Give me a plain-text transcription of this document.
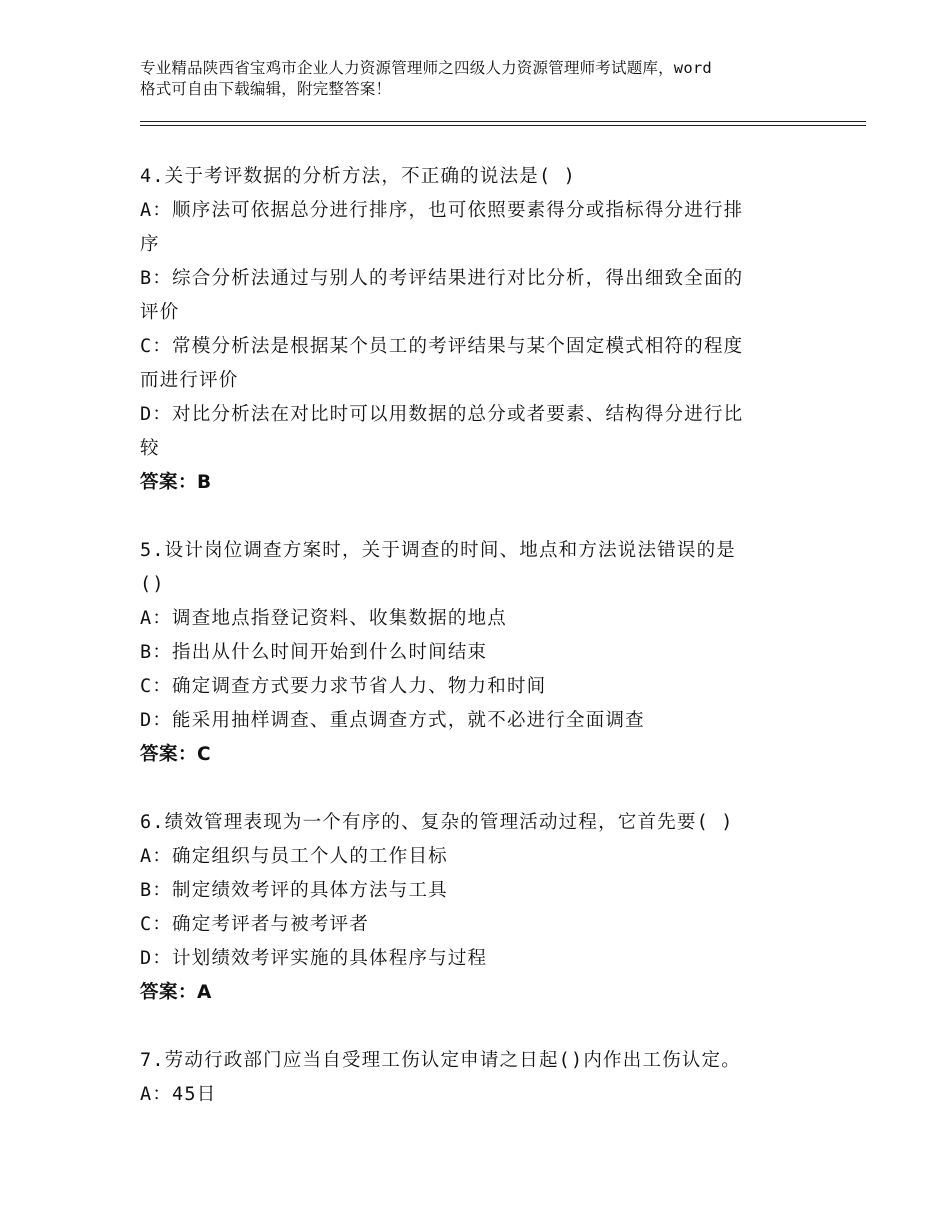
专业精品陕西省宝鸡市企业人力资源管理师之四级人力资源管理师考试题库，word
格式可自由下载编辑，附完整答案！
4.关于考评数据的分析方法，不正确的说法是( )
A：顺序法可依据总分进行排序，也可依照要素得分或指标得分进行排
序
B：综合分析法通过与别人的考评结果进行对比分析，得出细致全面的
评价
C：常模分析法是根据某个员工的考评结果与某个固定模式相符的程度
而进行评价
D：对比分析法在对比时可以用数据的总分或者要素、结构得分进行比
较
答案：B
5.设计岗位调查方案时，关于调查的时间、地点和方法说法错误的是
()
A：调查地点指登记资料、收集数据的地点
B：指出从什么时间开始到什么时间结束
C：确定调查方式要力求节省人力、物力和时间
D：能采用抽样调查、重点调查方式，就不必进行全面调查
答案：C
6.绩效管理表现为一个有序的、复杂的管理活动过程，它首先要( )
A：确定组织与员工个人的工作目标
B：制定绩效考评的具体方法与工具
C：确定考评者与被考评者
D：计划绩效考评实施的具体程序与过程
答案：A
7.劳动行政部门应当自受理工伤认定申请之日起()内作出工伤认定。
A：45日
